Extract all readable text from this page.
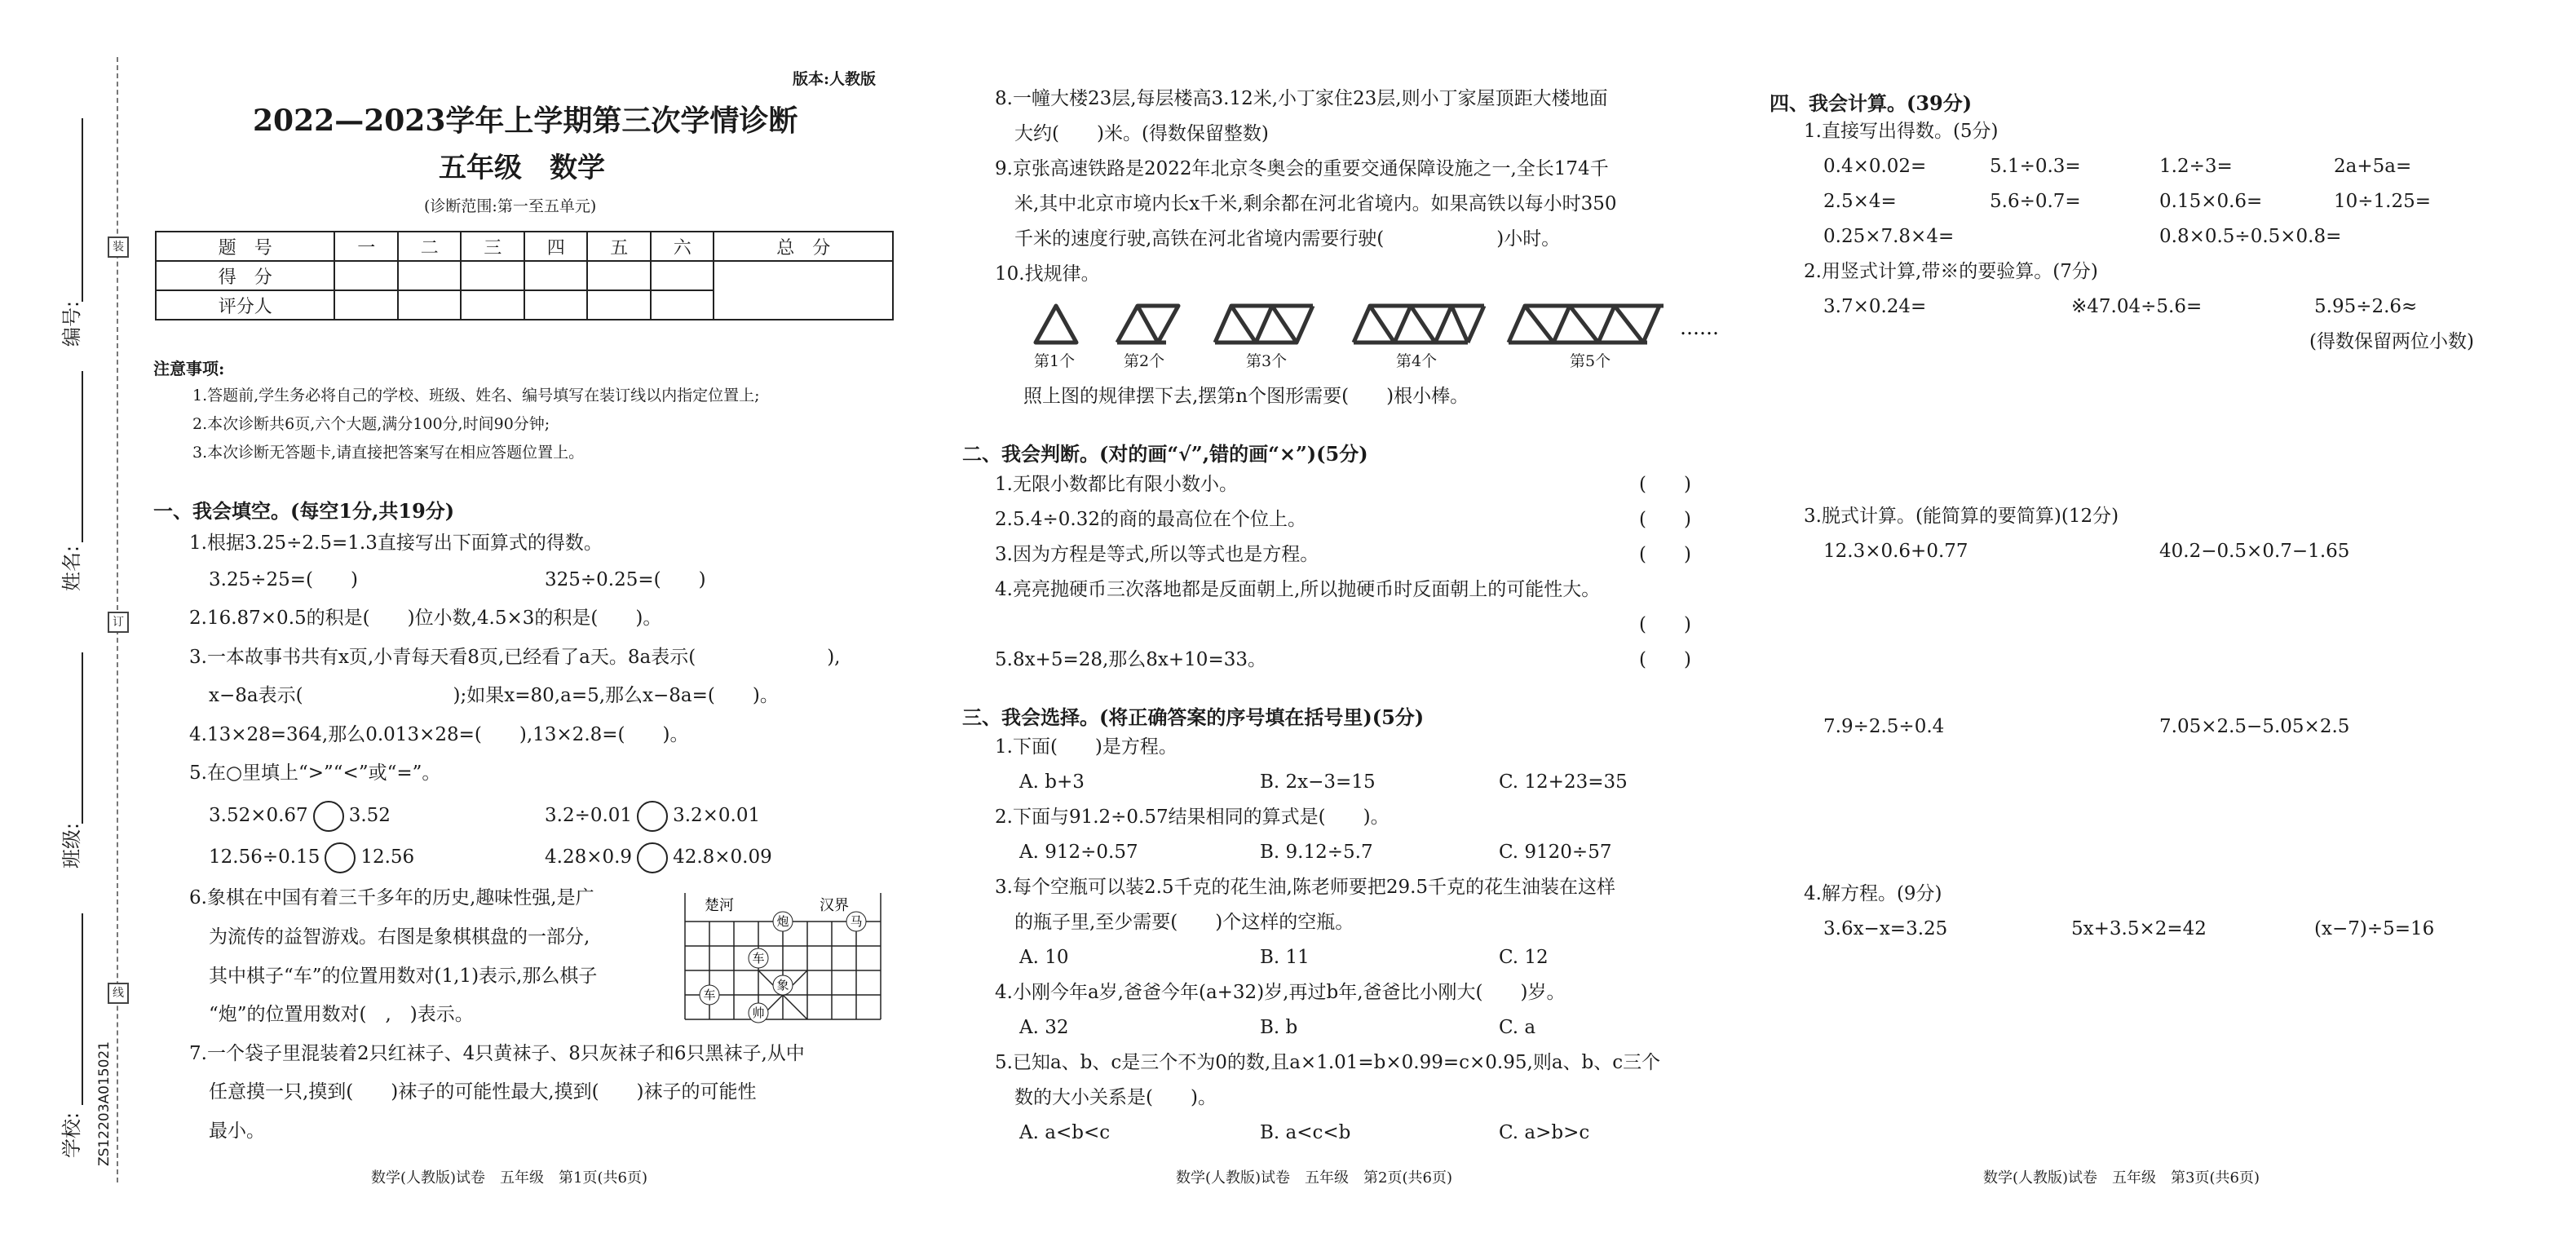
装
订
线
编号:
姓名:
班级:
学校: ZS12203A015021
版本:人教版
2022—2023学年上学期第三次学情诊断
五年级　数学
(诊断范围:第一至五单元)
题　号	一	二	三	四	五	六	总　分
得　分							
评分人							
注意事项:
1.答题前,学生务必将自己的学校、班级、姓名、编号填写在装订线以内指定位置上;
2.本次诊断共6页,六个大题,满分100分,时间90分钟;
3.本次诊断无答题卡,请直接把答案写在相应答题位置上。
一、我会填空。(每空1分,共19分)
1.根据3.25÷2.5=1.3直接写出下面算式的得数。
3.25÷25=(　　)	325÷0.25=(　　)
2.16.87×0.5的积是(　　)位小数,4.5×3的积是(　　)。
3.一本故事书共有x页,小青每天看8页,已经看了a天。8a表示(　　　　　　　),
x−8a表示(　　　　　　　　);如果x=80,a=5,那么x−8a=(　　)。
4.13×28=364,那么0.013×28=(　　),13×2.8=(　　)。
5.在○里填上“>”“<”或“=”。
3.52×0.67 3.52	3.2÷0.01 3.2×0.01
12.56÷0.15 12.56	4.28×0.9 42.8×0.09
6.象棋在中国有着三千多年的历史,趣味性强,是广
为流传的益智游戏。右图是象棋棋盘的一部分,
其中棋子“车”的位置用数对(1,1)表示,那么棋子
“炮”的位置用数对(　,　)表示。
楚河	汉界
炮	马
车
车
象
帅
7.一个袋子里混装着2只红袜子、4只黄袜子、8只灰袜子和6只黑袜子,从中
任意摸一只,摸到(　　)袜子的可能性最大,摸到(　　)袜子的可能性
最小。
数学(人教版)试卷　五年级　第1页(共6页)
8.一幢大楼23层,每层楼高3.12米,小丁家住23层,则小丁家屋顶距大楼地面
大约(　　)米。(得数保留整数)
9.京张高速铁路是2022年北京冬奥会的重要交通保障设施之一,全长174千
米,其中北京市境内长x千米,剩余都在河北省境内。如果高铁以每小时350
千米的速度行驶,高铁在河北省境内需要行驶(　　　　　　)小时。
10.找规律。
……
第1个	第2个	第3个	第4个	第5个
照上图的规律摆下去,摆第n个图形需要(　　)根小棒。
二、我会判断。(对的画“√”,错的画“×”)(5分)
1.无限小数都比有限小数小。	(　　)
2.5.4÷0.32的商的最高位在个位上。	(　　)
3.因为方程是等式,所以等式也是方程。	(　　)
4.亮亮抛硬币三次落地都是反面朝上,所以抛硬币时反面朝上的可能性大。
(　　)
5.8x+5=28,那么8x+10=33。	(　　)
三、我会选择。(将正确答案的序号填在括号里)(5分)
1.下面(　　)是方程。
A. b+3	B. 2x−3=15	C. 12+23=35
2.下面与91.2÷0.57结果相同的算式是(　　)。
A. 912÷0.57	B. 9.12÷5.7	C. 9120÷57
3.每个空瓶可以装2.5千克的花生油,陈老师要把29.5千克的花生油装在这样
的瓶子里,至少需要(　　)个这样的空瓶。
A. 10	B. 11	C. 12
4.小刚今年a岁,爸爸今年(a+32)岁,再过b年,爸爸比小刚大(　　)岁。
A. 32	B. b	C. a
5.已知a、b、c是三个不为0的数,且a×1.01=b×0.99=c×0.95,则a、b、c三个
数的大小关系是(　　)。
A. a<b<c	B. a<c<b	C. a>b>c
数学(人教版)试卷　五年级　第2页(共6页)
四、我会计算。(39分)
1.直接写出得数。(5分)
0.4×0.02=	5.1÷0.3=	1.2÷3=	2a+5a=
2.5×4=	5.6÷0.7=	0.15×0.6=	10÷1.25=
0.25×7.8×4=	0.8×0.5÷0.5×0.8=
2.用竖式计算,带※的要验算。(7分)
3.7×0.24=	※47.04÷5.6=	5.95÷2.6≈
(得数保留两位小数)
3.脱式计算。(能简算的要简算)(12分)
12.3×0.6+0.77	40.2−0.5×0.7−1.65
7.9÷2.5÷0.4	7.05×2.5−5.05×2.5
4.解方程。(9分)
3.6x−x=3.25	5x+3.5×2=42	(x−7)÷5=16
数学(人教版)试卷　五年级　第3页(共6页)
